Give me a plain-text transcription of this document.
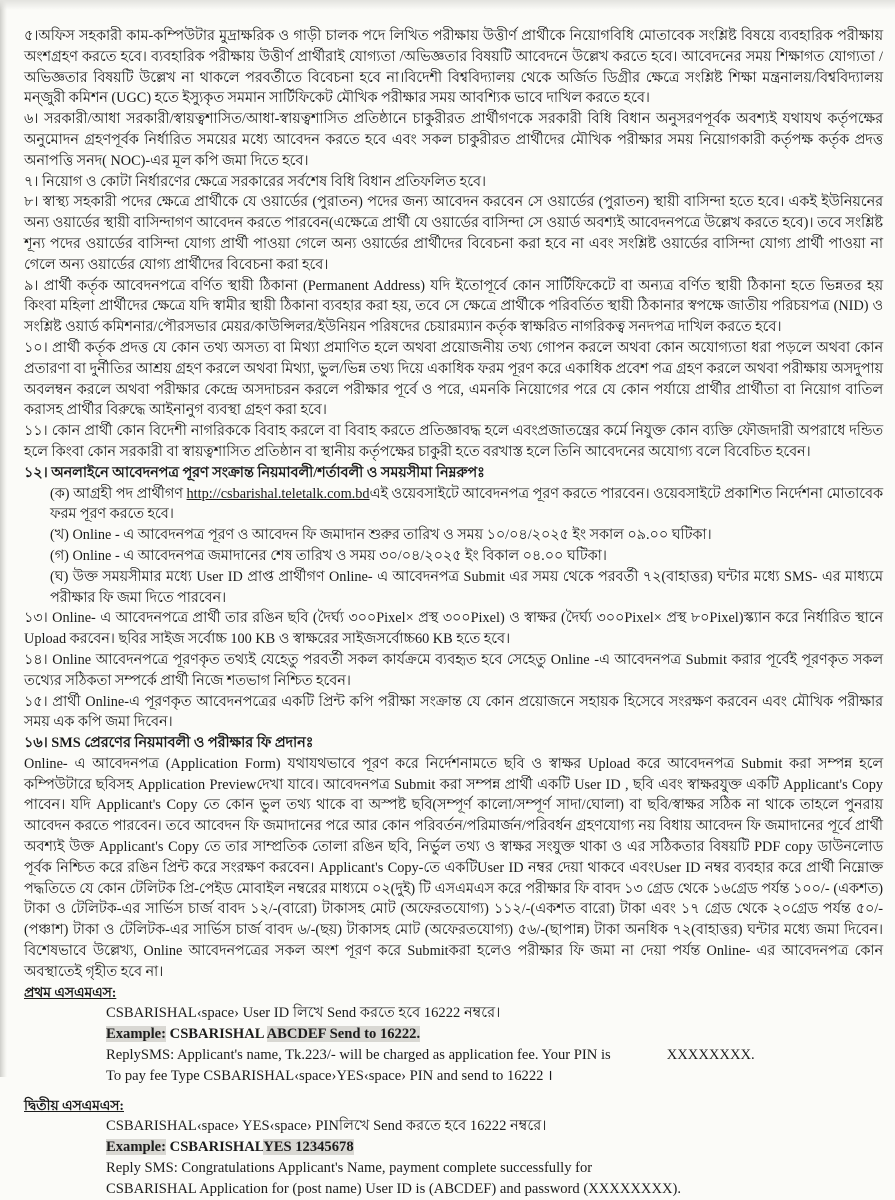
৫।অফিস সহকারী কাম-কম্পিউটার মুদ্রাক্ষরিক ও গাড়ী চালক পদে লিখিত পরীক্ষায় উত্তীর্ণ প্রার্থীকে নিয়োগবিধি মোতাবেক সংশ্লিষ্ট বিষয়ে ব্যবহারিক পরীক্ষায় অংশগ্রহণ করতে হবে। ব্যবহারিক পরীক্ষায় উত্তীর্ণ প্রার্থীরাই যোগ্যতা /অভিজ্ঞতার বিষয়টি আবেদনে উল্লেখ করতে হবে। আবেদনের সময় শিক্ষাগত যোগ্যতা /অভিজ্ঞতার বিষয়টি উল্লেখ না থাকলে পরবর্তীতে বিবেচনা হবে না।বিদেশী বিশ্ববিদ্যালয় থেকে অর্জিত ডিগ্রীর ক্ষেত্রে সংশ্লিষ্ট শিক্ষা মন্ত্রনালয়/বিশ্ববিদ্যালয় মন্জুরী কমিশন (UGC) হতে ইস্যুকৃত সমমান সার্টিফিকেট মৌখিক পরীক্ষার সময় আবশ্যিক ভাবে দাখিল করতে হবে।
৬। সরকারী/আধা সরকারী/স্বায়ত্বশাসিত/আধা-স্বায়ত্বশাসিত প্রতিষ্ঠানে চাকুরীরত প্রার্থীগণকে সরকারী বিধি বিধান অনুসরণপূর্বক অবশ্যই যথাযথ কর্তৃপক্ষের অনুমোদন গ্রহণপূর্বক নির্ধারিত সময়ের মধ্যে আবেদন করতে হবে এবং সকল চাকুরীরত প্রার্থীদের মৌখিক পরীক্ষার সময় নিয়োগকারী কর্তৃপক্ষ কর্তৃক প্রদত্ত অনাপত্তি সনদ( NOC)-এর মূল কপি জমা দিতে হবে।
৭। নিয়োগ ও কোটা নির্ধারণের ক্ষেত্রে সরকারের সর্বশেষ বিধি বিধান প্রতিফলিত হবে।
৮। স্বাস্থ্য সহকারী পদের ক্ষেত্রে প্রার্থীকে যে ওয়ার্ডের (পুরাতন) পদের জন্য আবেদন করবেন সে ওয়ার্ডের (পুরাতন) স্থায়ী বাসিন্দা হতে হবে। একই ইউনিয়নের অন্য ওয়ার্ডের স্থায়ী বাসিন্দাগণ আবেদন করতে পারবেন(এক্ষেত্রে প্রার্থী যে ওয়ার্ডের বাসিন্দা সে ওয়ার্ড অবশ্যই আবেদনপত্রে উল্লেখ করতে হবে)। তবে সংশ্লিষ্ট শূন্য পদের ওয়ার্ডের বাসিন্দা যোগ্য প্রার্থী পাওয়া গেলে অন্য ওয়ার্ডের প্রার্থীদের বিবেচনা করা হবে না এবং সংশ্লিষ্ট ওয়ার্ডের বাসিন্দা যোগ্য প্রার্থী পাওয়া না গেলে অন্য ওয়ার্ডের যোগ্য প্রার্থীদের বিবেচনা করা হবে।
৯। প্রার্থী কর্তৃক আবেদনপত্রে বর্ণিত স্থায়ী ঠিকানা (Permanent Address) যদি ইতোপূর্বে কোন সার্টিফিকেটে বা অন্যত্র বর্ণিত স্থায়ী ঠিকানা হতে ভিন্নতর হয় কিংবা মহিলা প্রার্থীদের ক্ষেত্রে যদি স্বামীর স্থায়ী ঠিকানা ব্যবহার করা হয়, তবে সে ক্ষেত্রে প্রার্থীকে পরিবর্তিত স্থায়ী ঠিকানার স্বপক্ষে জাতীয় পরিচয়পত্র (NID) ও সংশ্লিষ্ট ওয়ার্ড কমিশনার/পৌরসভার মেয়র/কাউন্সিলর/ইউনিয়ন পরিষদের চেয়ারম্যান কর্তৃক স্বাক্ষরিত নাগরিকত্ব সনদপত্র দাখিল করতে হবে।
১০। প্রার্থী কর্তৃক প্রদত্ত যে কোন তথ্য অসত্য বা মিথ্যা প্রমাণিত হলে অথবা প্রয়োজনীয় তথ্য গোপন করলে অথবা কোন অযোগ্যতা ধরা পড়লে অথবা কোন প্রতারণা বা দুর্নীতির আশ্রয় গ্রহণ করলে অথবা মিথ্যা, ভুল/ভিন্ন তথ্য দিয়ে একাধিক ফরম পূরণ করে একাধিক প্রবেশ পত্র গ্রহণ করলে অথবা পরীক্ষায় অসদুপায় অবলম্বন করলে অথবা পরীক্ষার কেন্দ্রে অসদাচরন করলে পরীক্ষার পূর্বে ও পরে, এমনকি নিয়োগের পরে যে কোন পর্যায়ে প্রার্থীর প্রার্থীতা বা নিয়োগ বাতিল করাসহ প্রার্থীর বিরুদ্ধে আইনানুগ ব্যবস্থা গ্রহণ করা হবে।
১১। কোন প্রার্থী কোন বিদেশী নাগরিককে বিবাহ করলে বা বিবাহ করতে প্রতিজ্ঞাবদ্ধ হলে এবংপ্রজাতন্ত্রের কর্মে নিযুক্ত কোন ব্যক্তি ফৌজদারী অপরাধে দন্ডিত হলে কিংবা কোন সরকারী বা স্বায়ত্বশাসিত প্রতিষ্ঠান বা স্থানীয় কর্তৃপক্ষের চাকুরী হতে বরখাস্ত হলে তিনি আবেদনের অযোগ্য বলে বিবেচিত হবেন।
১২। অনলাইনে আবেদনপত্র পূরণ সংক্রান্ত নিয়মাবলী/শর্তাবলী ও সময়সীমা নিম্নরুপঃ
(ক) আগ্রহী পদ প্রার্থীগণ http://csbarishal.teletalk.com.bdএই ওয়েবসাইটে আবেদনপত্র পূরণ করতে পারবেন। ওয়েবসাইটে প্রকাশিত নির্দেশনা মোতাবেক ফরম পূরণ করতে হবে।
(খ) Online - এ আবেদনপত্র পূরণ ও আবেদন ফি জমাদান শুরুর তারিখ ও সময় ১০/০৪/২০২৫ ইং সকাল ০৯.০০ ঘটিকা।
(গ) Online - এ আবেদনপত্র জমাদানের শেষ তারিখ ও সময় ৩০/০৪/২০২৫ ইং বিকাল ০৪.০০ ঘটিকা।
(ঘ) উক্ত সময়সীমার মধ্যে User ID প্রাপ্ত প্রার্থীগণ Online- এ আবেদনপত্র Submit এর সময় থেকে পরবর্তী ৭২(বাহাত্তর) ঘন্টার মধ্যে SMS- এর মাধ্যমে পরীক্ষার ফি জমা দিতে পারবেন।
১৩। Online- এ আবেদনপত্রে প্রার্থী তার রঙিন ছবি (দৈর্ঘ্য ৩০০Pixel× প্রস্থ ৩০০Pixel) ও স্বাক্ষর (দৈর্ঘ্য ৩০০Pixel× প্রস্থ ৮০Pixel)স্ক্যান করে নির্ধারিত স্থানে Upload করবেন। ছবির সাইজ সর্বোচ্চ 100 KB ও স্বাক্ষরের সাইজসর্বোচ্চ60 KB হতে হবে।
১৪। Online আবেদনপত্রে পূরণকৃত তথ্যই যেহেতু পরবর্তী সকল কার্যক্রমে ব্যবহৃত হবে সেহেতু Online -এ আবেদনপত্র Submit করার পূর্বেই পূরণকৃত সকল তথ্যের সঠিকতা সম্পর্কে প্রার্থী নিজে শতভাগ নিশ্চিত হবেন।
১৫। প্রার্থী Online-এ পূরণকৃত আবেদনপত্রের একটি প্রিন্ট কপি পরীক্ষা সংক্রান্ত যে কোন প্রয়োজনে সহায়ক হিসেবে সংরক্ষণ করবেন এবং মৌখিক পরীক্ষার সময় এক কপি জমা দিবেন।
১৬। SMS প্রেরণের নিয়মাবলী ও পরীক্ষার ফি প্রদানঃ
Online- এ আবেদনপত্র (Application Form) যথাযথভাবে পূরণ করে নির্দেশনামতে ছবি ও স্বাক্ষর Upload করে আবেদনপত্র Submit করা সম্পন্ন হলে কম্পিউটারে ছবিসহ Application Previewদেখা যাবে। আবেদনপত্র Submit করা সম্পন্ন প্রার্থী একটি User ID , ছবি এবং স্বাক্ষরযুক্ত একটি Applicant's Copy পাবেন। যদি Applicant's Copy তে কোন ভুল তথ্য থাকে বা অস্পষ্ট ছবি(সম্পূর্ণ কালো/সম্পূর্ণ সাদা/ঘোলা) বা ছবি/স্বাক্ষর সঠিক না থাকে তাহলে পুনরায় আবেদন করতে পারবেন। তবে আবেদন ফি জমাদানের পরে আর কোন পরিবর্তন/পরিমার্জন/পরিবর্ধন গ্রহণযোগ্য নয় বিধায় আবেদন ফি জমাদানের পূর্বে প্রার্থী অবশ্যই উক্ত Applicant's Copy তে তার সাম্প্রতিক তোলা রঙিন ছবি, নির্ভুল তথ্য ও স্বাক্ষর সংযুক্ত থাকা ও এর সঠিকতার বিষয়টি PDF copy ডাউনলোড পূর্বক নিশ্চিত করে রঙিন প্রিন্ট করে সংরক্ষণ করবেন। Applicant's Copy-তে একটিUser ID নম্বর দেয়া থাকবে এবংUser ID নম্বর ব্যবহার করে প্রার্থী নিম্নোক্ত পদ্ধতিতে যে কোন টেলিটক প্রি-পেইড মোবাইল নম্বরের মাধ্যমে ০২(দুই) টি এসএমএস করে পরীক্ষার ফি বাবদ ১৩ গ্রেড থেকে ১৬গ্রেড পর্যন্ত ১০০/- (একশত) টাকা ও টেলিটক-এর সার্ভিস চার্জ বাবদ ১২/-(বারো) টাকাসহ মোট (অফেরতযোগ্য) ১১২/-(একশত বারো) টাকা এবং ১৭ গ্রেড থেকে ২০গ্রেড পর্যন্ত ৫০/-(পঞ্চাশ) টাকা ও টেলিটক-এর সার্ভিস চার্জ বাবদ ৬/-(ছয়) টাকাসহ মোট (অফেরতযোগ্য) ৫৬/-(ছাপান্ন) টাকা অনধিক ৭২(বাহাত্তর) ঘন্টার মধ্যে জমা দিবেন। বিশেষভাবে উল্লেখ্য, Online আবেদনপত্রের সকল অংশ পূরণ করে Submitকরা হলেও পরীক্ষার ফি জমা না দেয়া পর্যন্ত Online- এর আবেদনপত্র কোন অবস্থাতেই গৃহীত হবে না।
প্রথম এসএমএস:
CSBARISHAL‹space› User ID লিখে Send করতে হবে 16222 নম্বরে।
Example: CSBARISHAL ABCDEF Send to 16222.
ReplySMS: Applicant's name, Tk.223/- will be charged as application fee. Your PIN is	XXXXXXXX.
To pay fee Type CSBARISHAL‹space›YES‹space› PIN and send to 16222 ।
দ্বিতীয় এসএমএস:
CSBARISHAL‹space› YES‹space› PINলিখে Send করতে হবে 16222 নম্বরে।
Example: CSBARISHALYES 12345678
Reply SMS: Congratulations Applicant's Name, payment complete successfully for
CSBARISHAL Application for (post name) User ID is (ABCDEF) and password (XXXXXXXX).
